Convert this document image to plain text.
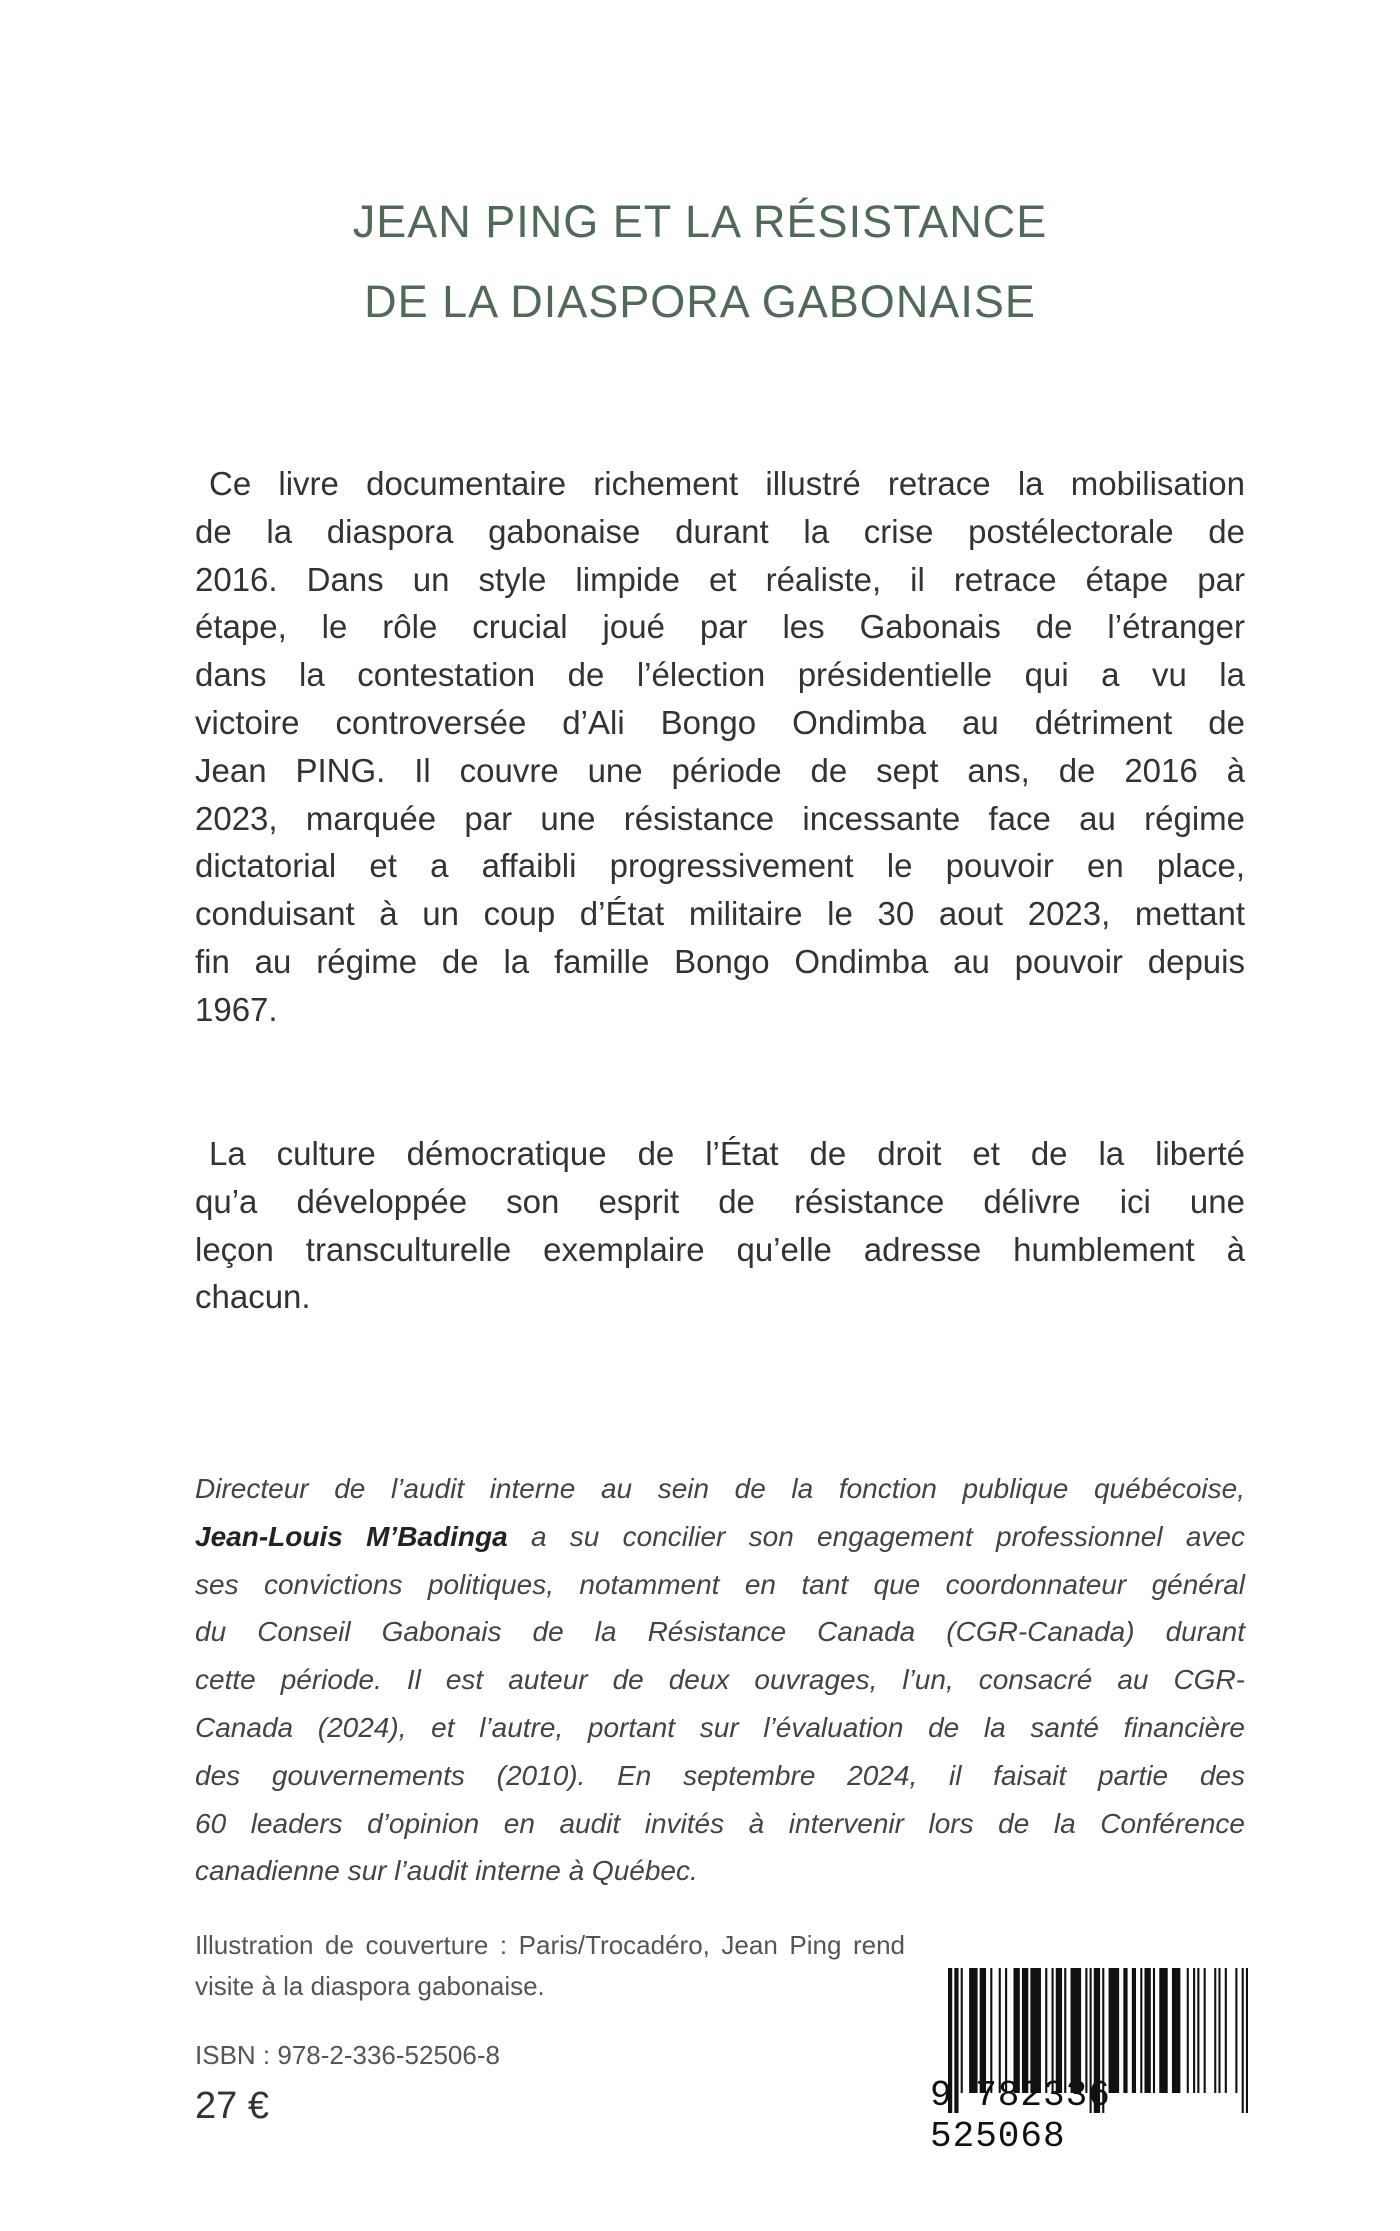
JEAN PING ET LA RÉSISTANCE
DE LA DIASPORA GABONAISE
Ce livre documentaire richement illustré retrace la mobilisation
de la diaspora gabonaise durant la crise postélectorale de
2016. Dans un style limpide et réaliste, il retrace étape par
étape, le rôle crucial joué par les Gabonais de l’étranger
dans la contestation de l’élection présidentielle qui a vu la
victoire controversée d’Ali Bongo Ondimba au détriment de
Jean PING. Il couvre une période de sept ans, de 2016 à
2023, marquée par une résistance incessante face au régime
dictatorial et a affaibli progressivement le pouvoir en place,
conduisant à un coup d’État militaire le 30 aout 2023, mettant
fin au régime de la famille Bongo Ondimba au pouvoir depuis
1967.
La culture démocratique de l’État de droit et de la liberté
qu’a développée son esprit de résistance délivre ici une
leçon transculturelle exemplaire qu’elle adresse humblement à
chacun.
Directeur de l’audit interne au sein de la fonction publique québécoise,
Jean-Louis M’Badinga a su concilier son engagement professionnel avec
ses convictions politiques, notamment en tant que coordonnateur général
du Conseil Gabonais de la Résistance Canada (CGR-Canada) durant
cette période. Il est auteur de deux ouvrages, l’un, consacré au CGR-
Canada (2024), et l’autre, portant sur l’évaluation de la santé financière
des gouvernements (2010). En septembre 2024, il faisait partie des
60 leaders d’opinion en audit invités à intervenir lors de la Conférence
canadienne sur l’audit interne à Québec.
Illustration de couverture : Paris/Trocadéro, Jean Ping rend
visite à la diaspora gabonaise.
ISBN : 978-2-336-52506-8
27 €	9 782336 525068
